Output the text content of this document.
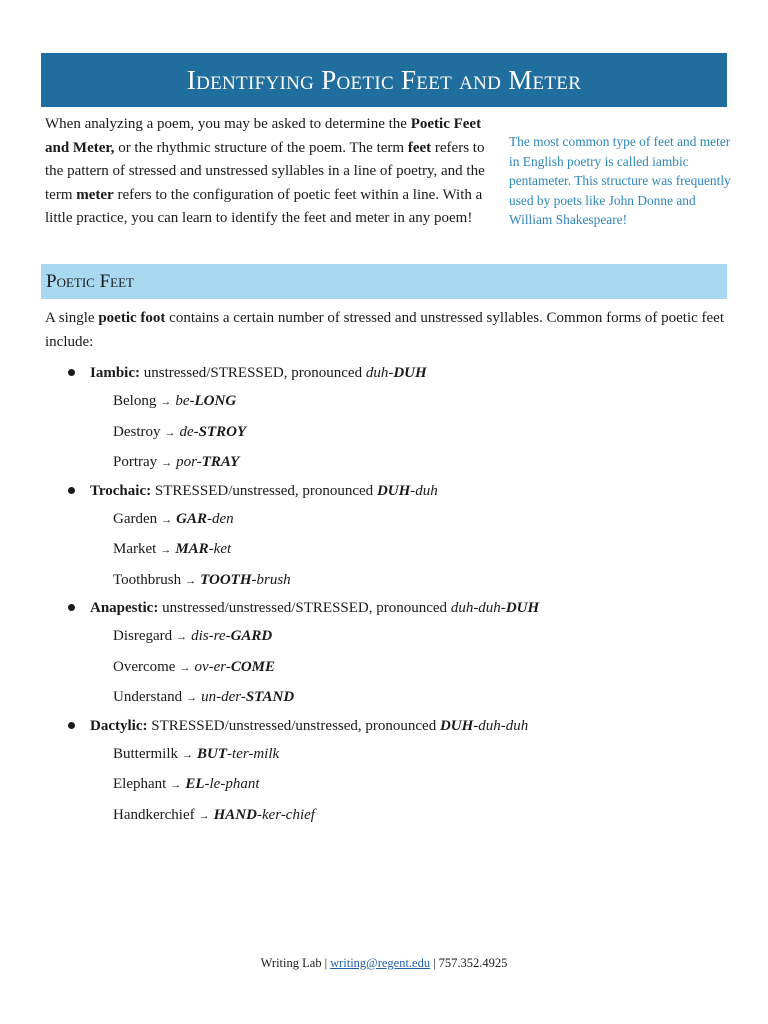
Identifying Poetic Feet and Meter

When analyzing a poem, you may be asked to determine the Poetic Feet and Meter, or the rhythmic structure of the poem. The term feet refers to the pattern of stressed and unstressed syllables in a line of poetry, and the term meter refers to the configuration of poetic feet within a line. With a little practice, you can learn to identify the feet and meter in any poem!

The most common type of feet and meter in English poetry is called iambic pentameter. This structure was frequently used by poets like John Donne and William Shakespeare!
Poetic Feet

A single poetic foot contains a certain number of stressed and unstressed syllables. Common forms of poetic feet include:

Iambic: unstressed/STRESSED, pronounced duh-DUH
Belong → be-LONG
Destroy → de-STROY
Portray → por-TRAY
Trochaic: STRESSED/unstressed, pronounced DUH-duh
Garden → GAR-den
Market → MAR-ket
Toothbrush → TOOTH-brush
Anapestic: unstressed/unstressed/STRESSED, pronounced duh-duh-DUH
Disregard → dis-re-GARD
Overcome → ov-er-COME
Understand → un-der-STAND
Dactylic: STRESSED/unstressed/unstressed, pronounced DUH-duh-duh
Buttermilk → BUT-ter-milk
Elephant → EL-le-phant
Handkerchief → HAND-ker-chief
Writing Lab | writing@regent.edu | 757.352.4925
